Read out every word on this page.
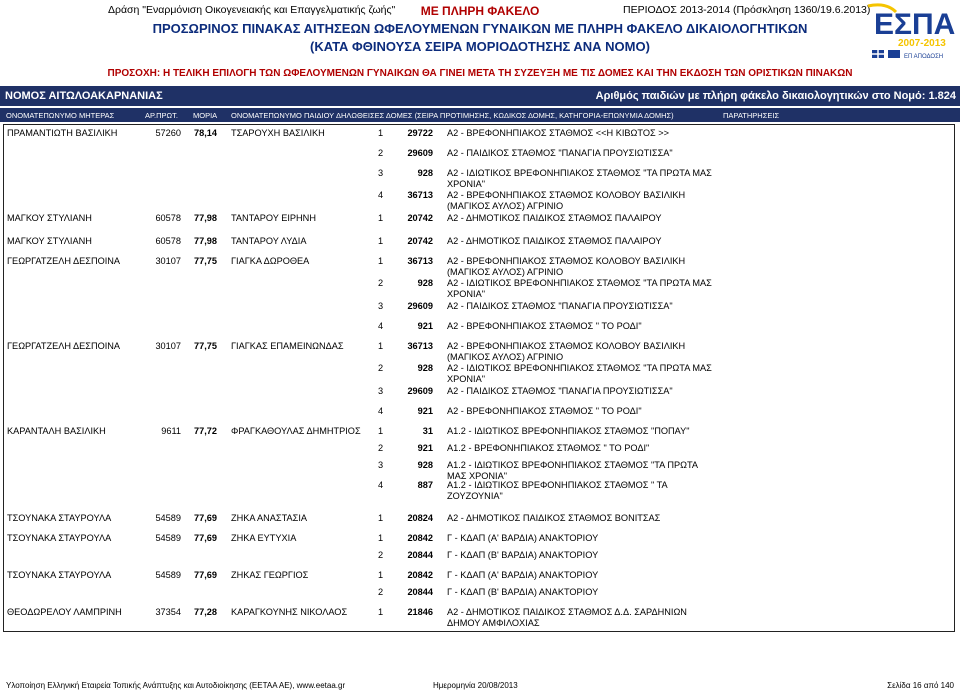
Δράση "Εναρμόνιση Οικογενειακής και Επαγγελματικής ζωής"	ΜΕ ΠΛΗΡΗ ΦΑΚΕΛΟ	ΠΕΡΙΟΔΟΣ 2013-2014 (Πρόσκληση 1360/19.6.2013) ΕΣΠΑ
2007-2013
ΕΠ ΑΠΟΔΟΣΗ
ΠΡΟΣΩΡΙΝΟΣ ΠΙΝΑΚΑΣ ΑΙΤΗΣΕΩΝ ΩΦΕΛΟΥΜΕΝΩΝ ΓΥΝΑΙΚΩΝ ΜΕ ΠΛΗΡΗ ΦΑΚΕΛΟ ΔΙΚΑΙΟΛΟΓΗΤΙΚΩΝ
(ΚΑΤΑ ΦΘΙΝΟΥΣΑ ΣΕΙΡΑ ΜΟΡΙΟΔΟΤΗΣΗΣ ΑΝΑ ΝΟΜΟ)
ΠΡΟΣΟΧΗ: Η ΤΕΛΙΚΗ ΕΠΙΛΟΓΗ ΤΩΝ ΩΦΕΛΟΥΜΕΝΩΝ ΓΥΝΑΙΚΩΝ ΘΑ ΓΙΝΕΙ ΜΕΤΑ ΤΗ ΣΥΖΕΥΞΗ ΜΕ ΤΙΣ ΔΟΜΕΣ ΚΑΙ ΤΗΝ ΕΚΔΟΣΗ ΤΩΝ ΟΡΙΣΤΙΚΩΝ ΠΙΝΑΚΩΝ
ΝΟΜΟΣ ΑΙΤΩΛΟΑΚΑΡΝΑΝΙΑΣ	Αριθμός παιδιών με πλήρη φάκελο δικαιολογητικών στο Νομό: 1.824
ΟΝΟΜΑΤΕΠΩΝΥΜΟ ΜΗΤΕΡΑΣ	ΑΡ.ΠΡΩΤ. ΜΟΡΙΑ ΟΝΟΜΑΤΕΠΩΝΥΜΟ ΠΑΙΔΙΟΥ ΔΗΛΩΘΕΙΣΕΣ ΔΟΜΕΣ (ΣΕΙΡΑ ΠΡΟΤΙΜΗΣΗΣ, ΚΩΔΙΚΟΣ ΔΟΜΗΣ, ΚΑΤΗΓΟΡΙΑ-ΕΠΩΝΥΜΙΑ ΔΟΜΗΣ)	ΠΑΡΑΤΗΡΗΣΕΙΣ
ΠΡΑΜΑΝΤΙΩΤΗ ΒΑΣΙΛΙΚΗ	57260 78,14 ΤΣΑΡΟΥΧΗ ΒΑΣΙΛΙΚΗ	1	29722 Α2 - ΒΡΕΦΟΝΗΠΙΑΚΟΣ ΣΤΑΘΜΟΣ <<Η ΚΙΒΩΤΟΣ >>
2	29609 Α2 - ΠΑΙΔΙΚΟΣ ΣΤΑΘΜΟΣ "ΠΑΝΑΓΙΑ ΠΡΟΥΣΙΩΤΙΣΣΑ"
3	928 Α2 - ΙΔΙΩΤΙΚΟΣ ΒΡΕΦΟΝΗΠΙΑΚΟΣ ΣΤΑΘΜΟΣ "ΤΑ ΠΡΩΤΑ ΜΑΣ
ΧΡΟΝΙΑ"
4	36713 Α2 - ΒΡΕΦΟΝΗΠΙΑΚΟΣ ΣΤΑΘΜΟΣ ΚΟΛΟΒΟΥ ΒΑΣΙΛΙΚΗ
(ΜΑΓΙΚΟΣ ΑΥΛΟΣ) ΑΓΡΙΝΙΟ
ΜΑΓΚΟΥ ΣΤΥΛΙΑΝΗ	60578 77,98 ΤΑΝΤΑΡΟΥ ΕΙΡΗΝΗ	1	20742 Α2 - ΔΗΜΟΤΙΚΟΣ ΠΑΙΔΙΚΟΣ ΣΤΑΘΜΟΣ ΠΑΛΑΙΡΟΥ
ΜΑΓΚΟΥ ΣΤΥΛΙΑΝΗ	60578 77,98 ΤΑΝΤΑΡΟΥ ΛΥΔΙΑ	1	20742 Α2 - ΔΗΜΟΤΙΚΟΣ ΠΑΙΔΙΚΟΣ ΣΤΑΘΜΟΣ ΠΑΛΑΙΡΟΥ
ΓΕΩΡΓΑΤΖΕΛΗ ΔΕΣΠΟΙΝΑ	30107 77,75 ΓΙΑΓΚΑ ΔΩΡΟΘΕΑ	1	36713 Α2 - ΒΡΕΦΟΝΗΠΙΑΚΟΣ ΣΤΑΘΜΟΣ ΚΟΛΟΒΟΥ ΒΑΣΙΛΙΚΗ
(ΜΑΓΙΚΟΣ ΑΥΛΟΣ) ΑΓΡΙΝΙΟ
2	928 Α2 - ΙΔΙΩΤΙΚΟΣ ΒΡΕΦΟΝΗΠΙΑΚΟΣ ΣΤΑΘΜΟΣ "ΤΑ ΠΡΩΤΑ ΜΑΣ
ΧΡΟΝΙΑ"
3	29609 Α2 - ΠΑΙΔΙΚΟΣ ΣΤΑΘΜΟΣ "ΠΑΝΑΓΙΑ ΠΡΟΥΣΙΩΤΙΣΣΑ"
4	921 Α2 - ΒΡΕΦΟΝΗΠΙΑΚΟΣ ΣΤΑΘΜΟΣ " ΤΟ ΡΟΔΙ"
ΓΕΩΡΓΑΤΖΕΛΗ ΔΕΣΠΟΙΝΑ	30107 77,75 ΓΙΑΓΚΑΣ ΕΠΑΜΕΙΝΩΝΔΑΣ	1	36713 Α2 - ΒΡΕΦΟΝΗΠΙΑΚΟΣ ΣΤΑΘΜΟΣ ΚΟΛΟΒΟΥ ΒΑΣΙΛΙΚΗ
(ΜΑΓΙΚΟΣ ΑΥΛΟΣ) ΑΓΡΙΝΙΟ
2	928 Α2 - ΙΔΙΩΤΙΚΟΣ ΒΡΕΦΟΝΗΠΙΑΚΟΣ ΣΤΑΘΜΟΣ "ΤΑ ΠΡΩΤΑ ΜΑΣ
ΧΡΟΝΙΑ"
3	29609 Α2 - ΠΑΙΔΙΚΟΣ ΣΤΑΘΜΟΣ "ΠΑΝΑΓΙΑ ΠΡΟΥΣΙΩΤΙΣΣΑ"
4	921 Α2 - ΒΡΕΦΟΝΗΠΙΑΚΟΣ ΣΤΑΘΜΟΣ " ΤΟ ΡΟΔΙ"
ΚΑΡΑΝΤΑΛΗ ΒΑΣΙΛΙΚΗ	9611 77,72 ΦΡΑΓΚΑΘΟΥΛΑΣ ΔΗΜΗΤΡΙΟΣ 1	31 Α1.2 - ΙΔΙΩΤΙΚΟΣ ΒΡΕΦΟΝΗΠΙΑΚΟΣ ΣΤΑΘΜΟΣ "ΠΟΠΑΥ"
2	921 Α1.2 - ΒΡΕΦΟΝΗΠΙΑΚΟΣ ΣΤΑΘΜΟΣ " ΤΟ ΡΟΔΙ"
3	928 Α1.2 - ΙΔΙΩΤΙΚΟΣ ΒΡΕΦΟΝΗΠΙΑΚΟΣ ΣΤΑΘΜΟΣ "ΤΑ ΠΡΩΤΑ
ΜΑΣ ΧΡΟΝΙΑ"
4	887 Α1.2 - ΙΔΙΩΤΙΚΟΣ ΒΡΕΦΟΝΗΠΙΑΚΟΣ ΣΤΑΘΜΟΣ " ΤΑ
ΖΟΥΖΟΥΝΙΑ"
ΤΣΟΥΝΑΚΑ ΣΤΑΥΡΟΥΛΑ	54589 77,69 ΖΗΚΑ ΑΝΑΣΤΑΣΙΑ	1	20824 Α2 - ΔΗΜΟΤΙΚΟΣ ΠΑΙΔΙΚΟΣ ΣΤΑΘΜΟΣ ΒΟΝΙΤΣΑΣ
ΤΣΟΥΝΑΚΑ ΣΤΑΥΡΟΥΛΑ	54589 77,69 ΖΗΚΑ ΕΥΤΥΧΙΑ	1	20842 Γ - ΚΔΑΠ (Α' ΒΑΡΔΙΑ) ΑΝΑΚΤΟΡΙΟΥ
2	20844 Γ - ΚΔΑΠ (Β' ΒΑΡΔΙΑ) ΑΝΑΚΤΟΡΙΟΥ
ΤΣΟΥΝΑΚΑ ΣΤΑΥΡΟΥΛΑ	54589 77,69 ΖΗΚΑΣ ΓΕΩΡΓΙΟΣ	1	20842 Γ - ΚΔΑΠ (Α' ΒΑΡΔΙΑ) ΑΝΑΚΤΟΡΙΟΥ
2	20844 Γ - ΚΔΑΠ (Β' ΒΑΡΔΙΑ) ΑΝΑΚΤΟΡΙΟΥ
ΘΕΟΔΩΡΕΛΟΥ ΛΑΜΠΡΙΝΗ	37354 77,28 ΚΑΡΑΓΚΟΥΝΗΣ ΝΙΚΟΛΑΟΣ	1	21846 Α2 - ΔΗΜΟΤΙΚΟΣ ΠΑΙΔΙΚΟΣ ΣΤΑΘΜΟΣ Δ.Δ. ΣΑΡΔΗΝΙΩΝ
ΔΗΜΟΥ ΑΜΦΙΛΟΧΙΑΣ
Υλοποίηση Ελληνική Εταιρεία Τοπικής Ανάπτυξης και Αυτοδιοίκησης (ΕΕΤΑΑ ΑΕ), www.eetaa.gr	Ημερομηνία 20/08/2013	Σελίδα 16 από 140
